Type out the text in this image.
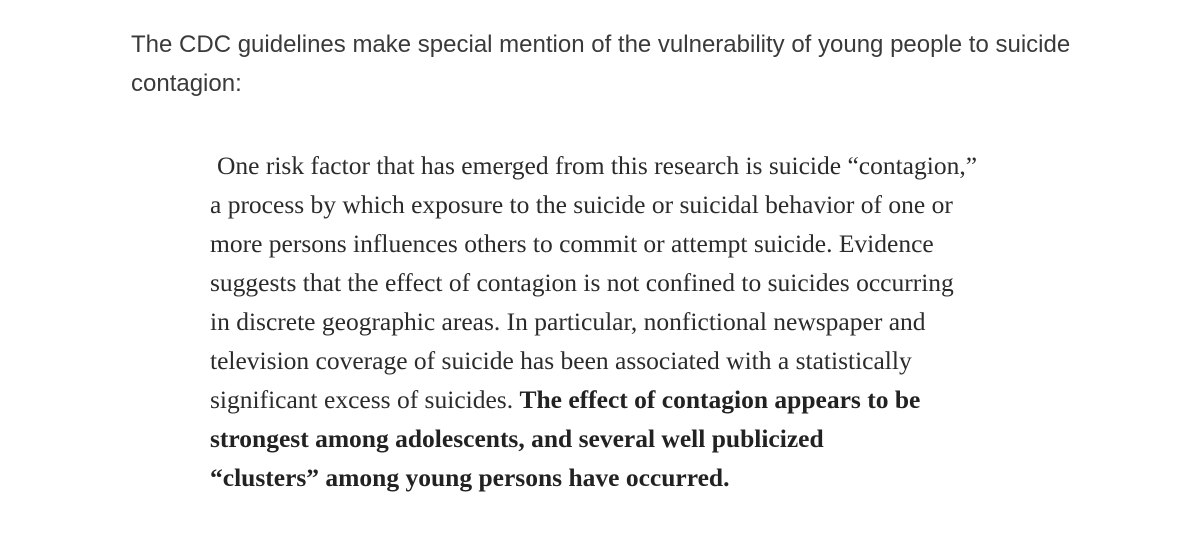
The CDC guidelines make special mention of the vulnerability of young people to suicide
contagion:

One risk factor that has emerged from this research is suicide “contagion,”
a process by which exposure to the suicide or suicidal behavior of one or
more persons influences others to commit or attempt suicide. Evidence
suggests that the effect of contagion is not confined to suicides occurring
in discrete geographic areas. In particular, nonfictional newspaper and
television coverage of suicide has been associated with a statistically
significant excess of suicides. The effect of contagion appears to be
strongest among adolescents, and several well publicized
“clusters” among young persons have occurred.
